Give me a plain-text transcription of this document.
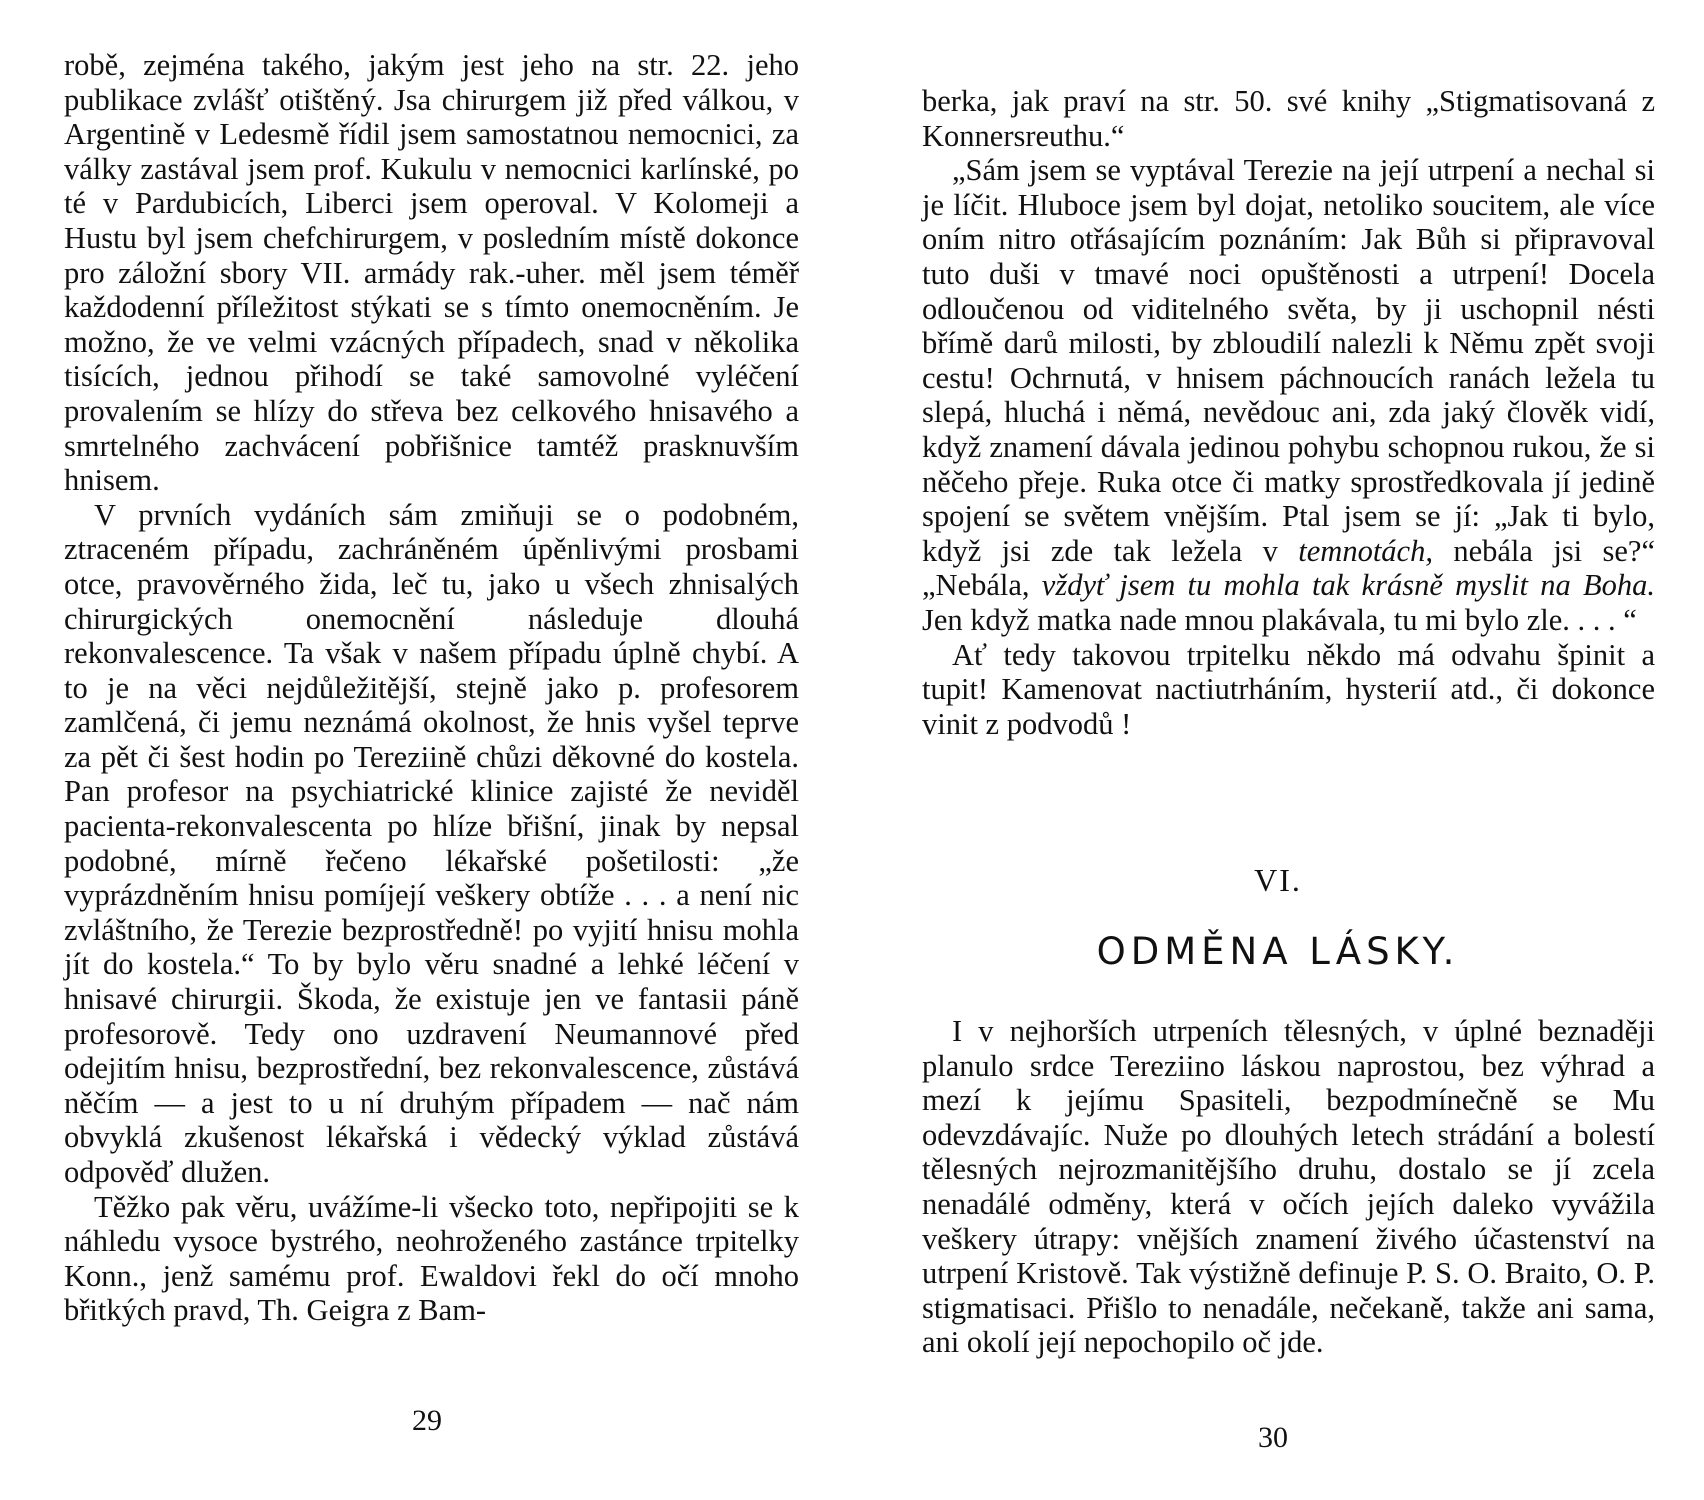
robě, zejména takého, jakým jest jeho na str. 22. jeho publikace zvlášť otištěný. Jsa chirurgem již před válkou, v Argentině v Ledesmě řídil jsem samostatnou nemocnici, za války zastával jsem prof. Kukulu v nemocnici karlínské, po té v Pardubicích, Liberci jsem operoval. V Kolomeji a Hustu byl jsem chefchirurgem, v posledním místě dokonce pro záložní sbory VII. armády rak.-uher. měl jsem téměř každodenní příležitost stýkati se s tímto onemocněním. Je možno, že ve velmi vzácných případech, snad v několika tisících, jednou přihodí se také samovolné vyléčení provalením se hlízy do střeva bez celkového hnisavého a smrtelného zachvácení pobřišnice tamtéž prasknuvším hnisem.

V prvních vydáních sám zmiňuji se o podobném, ztraceném případu, zachráněném úpěnlivými prosbami otce, pravověrného žida, leč tu, jako u všech zhnisalých chirurgických onemocnění následuje dlouhá rekonvalescence. Ta však v našem případu úplně chybí. A to je na věci nejdůležitější, stejně jako p. profesorem zamlčená, či jemu neznámá okolnost, že hnis vyšel teprve za pět či šest hodin po Tereziině chůzi děkovné do kostela. Pan profesor na psychiatrické klinice zajisté že neviděl pacienta-rekonvalescenta po hlíze břišní, jinak by nepsal podobné, mírně řečeno lékařské pošetilosti: „že vyprázdněním hnisu pomíjejí veškery obtíže . . . a není nic zvláštního, že Terezie bezprostředně! po vyjití hnisu mohla jít do kostela.“ To by bylo věru snadné a lehké léčení v hnisavé chirurgii. Škoda, že existuje jen ve fantasii páně profesorově. Tedy ono uzdravení Neumannové před odejitím hnisu, bezprostřední, bez rekonvalescence, zůstává něčím — a jest to u ní druhým případem — nač nám obvyklá zkušenost lékařská i vědecký výklad zůstává odpověď dlužen.

Těžko pak věru, uvážíme-li všecko toto, nepřipojiti se k náhledu vysoce bystrého, neohroženého zastánce trpitelky Konn., jenž samému prof. Ewaldovi řekl do očí mnoho břitkých pravd, Th. Geigra z Bam-

29

berka, jak praví na str. 50. své knihy „Stigmatisovaná z Konnersreuthu.“

„Sám jsem se vyptával Terezie na její utrpení a nechal si je líčit. Hluboce jsem byl dojat, netoliko soucitem, ale více oním nitro otřásajícím poznáním: Jak Bůh si připravoval tuto duši v tmavé noci opuštěnosti a utrpení! Docela odloučenou od viditelného světa, by ji uschopnil nésti břímě darů milosti, by zbloudilí nalezli k Němu zpět svoji cestu! Ochrnutá, v hnisem páchnoucích ranách ležela tu slepá, hluchá i němá, nevědouc ani, zda jaký člověk vidí, když znamení dávala jedinou pohybu schopnou rukou, že si něčeho přeje. Ruka otce či matky sprostředkovala jí jedině spojení se světem vnějším. Ptal jsem se jí: „Jak ti bylo, když jsi zde tak ležela v temnotách, nebála jsi se?“ „Nebála, vždyť jsem tu mohla tak krásně myslit na Boha. Jen když matka nade mnou plakávala, tu mi bylo zle. . . . “

Ať tedy takovou trpitelku někdo má odvahu špinit a tupit! Kamenovat nactiutrháním, hysterií atd., či dokonce vinit z podvodů !

VI.
ODMĚNA LÁSKY.

I v nejhorších utrpeních tělesných, v úplné beznaději planulo srdce Tereziino láskou naprostou, bez výhrad a mezí k jejímu Spasiteli, bezpodmínečně se Mu odevzdávajíc. Nuže po dlouhých letech strádání a bolestí tělesných nejrozmanitějšího druhu, dostalo se jí zcela nenadálé odměny, která v očích jejích daleko vyvážila veškery útrapy: vnějších znamení živého účastenství na utrpení Kristově. Tak výstižně definuje P. S. O. Braito, O. P. stigmatisaci. Přišlo to nenadále, nečekaně, takže ani sama, ani okolí její nepochopilo oč jde.

30
